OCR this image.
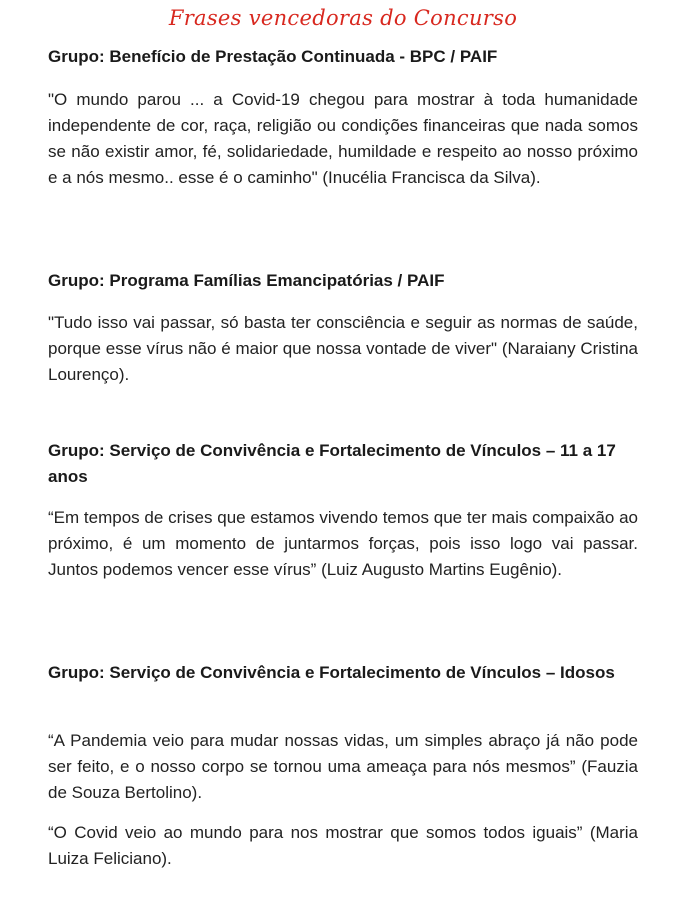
Frases vencedoras do Concurso
Grupo: Benefício de Prestação Continuada - BPC / PAIF
"O mundo parou ... a Covid-19 chegou para mostrar à toda humanidade independente de cor, raça, religião ou condições financeiras que nada somos se não existir amor, fé, solidariedade, humildade e respeito ao nosso próximo e a nós mesmo.. esse é o caminho" (Inucélia Francisca da Silva).
Grupo: Programa Famílias Emancipatórias / PAIF
"Tudo isso vai passar, só basta ter consciência e seguir as normas de saúde, porque esse vírus não é maior que nossa vontade de viver" (Naraiany Cristina Lourenço).
Grupo: Serviço de Convivência e Fortalecimento de Vínculos – 11 a 17 anos
“Em tempos de crises que estamos vivendo temos que ter mais compaixão ao próximo, é um momento de juntarmos forças, pois isso logo vai passar. Juntos podemos vencer esse vírus” (Luiz Augusto Martins Eugênio).
Grupo: Serviço de Convivência e Fortalecimento de Vínculos – Idosos
“A Pandemia veio para mudar nossas vidas, um simples abraço já não pode ser feito, e o nosso corpo se tornou uma ameaça para nós mesmos” (Fauzia de Souza Bertolino).
“O Covid veio ao mundo para nos mostrar que somos todos iguais” (Maria Luiza Feliciano).
